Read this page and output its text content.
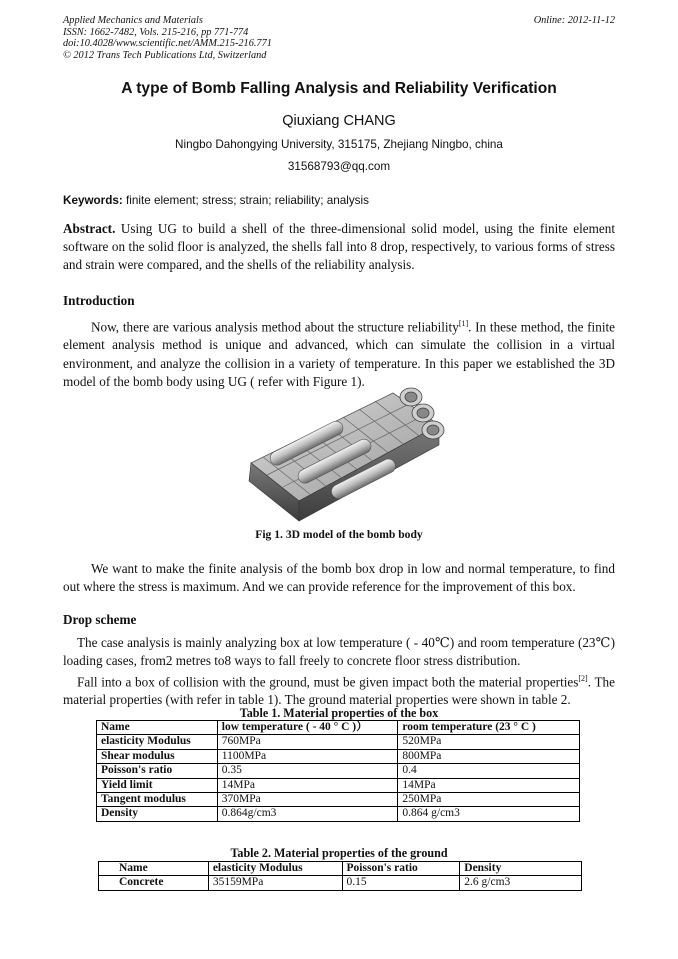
Applied Mechanics and Materials
ISSN: 1662-7482, Vols. 215-216, pp 771-774
doi:10.4028/www.scientific.net/AMM.215-216.771
© 2012 Trans Tech Publications Ltd, Switzerland
Online: 2012-11-12
A type of Bomb Falling Analysis and Reliability Verification
Qiuxiang CHANG
Ningbo Dahongying University, 315175, Zhejiang Ningbo, china
31568793@qq.com
Keywords: finite element; stress; strain; reliability; analysis
Abstract. Using UG to build a shell of the three-dimensional solid model, using the finite element software on the solid floor is analyzed, the shells fall into 8 drop, respectively, to various forms of stress and strain were compared, and the shells of the reliability analysis.
Introduction
Now, there are various analysis method about the structure reliability[1]. In these method, the finite element analysis method is unique and advanced, which can simulate the collision in a virtual environment, and analyze the collision in a variety of temperature. In this paper we established the 3D model of the bomb body using UG ( refer with Figure 1).
Fig 1. 3D model of the bomb body
We want to make the finite analysis of the bomb box drop in low and normal temperature, to find out where the stress is maximum. And we can provide reference for the improvement of this box.
Drop scheme
The case analysis is mainly analyzing box at low temperature ( - 40℃) and room temperature (23℃) loading cases, from2 metres to8 ways to fall freely to concrete floor stress distribution.
Fall into a box of collision with the ground, must be given impact both the material properties[2]. The material properties (with refer in table 1). The ground material properties were shown in table 2.
Table 1. Material properties of the box
Name	low temperature ( - 40 ° C )）	room temperature (23 ° C )
elasticity Modulus	760MPa	520MPa
Shear modulus	1100MPa	800MPa
Poisson's ratio	0.35	0.4
Yield limit	14MPa	14MPa
Tangent modulus	370MPa	250MPa
Density	0.864g/cm3	0.864 g/cm3
Table 2. Material properties of the ground
Name	elasticity Modulus	Poisson's ratio	Density
Concrete	35159MPa	0.15	2.6 g/cm3
